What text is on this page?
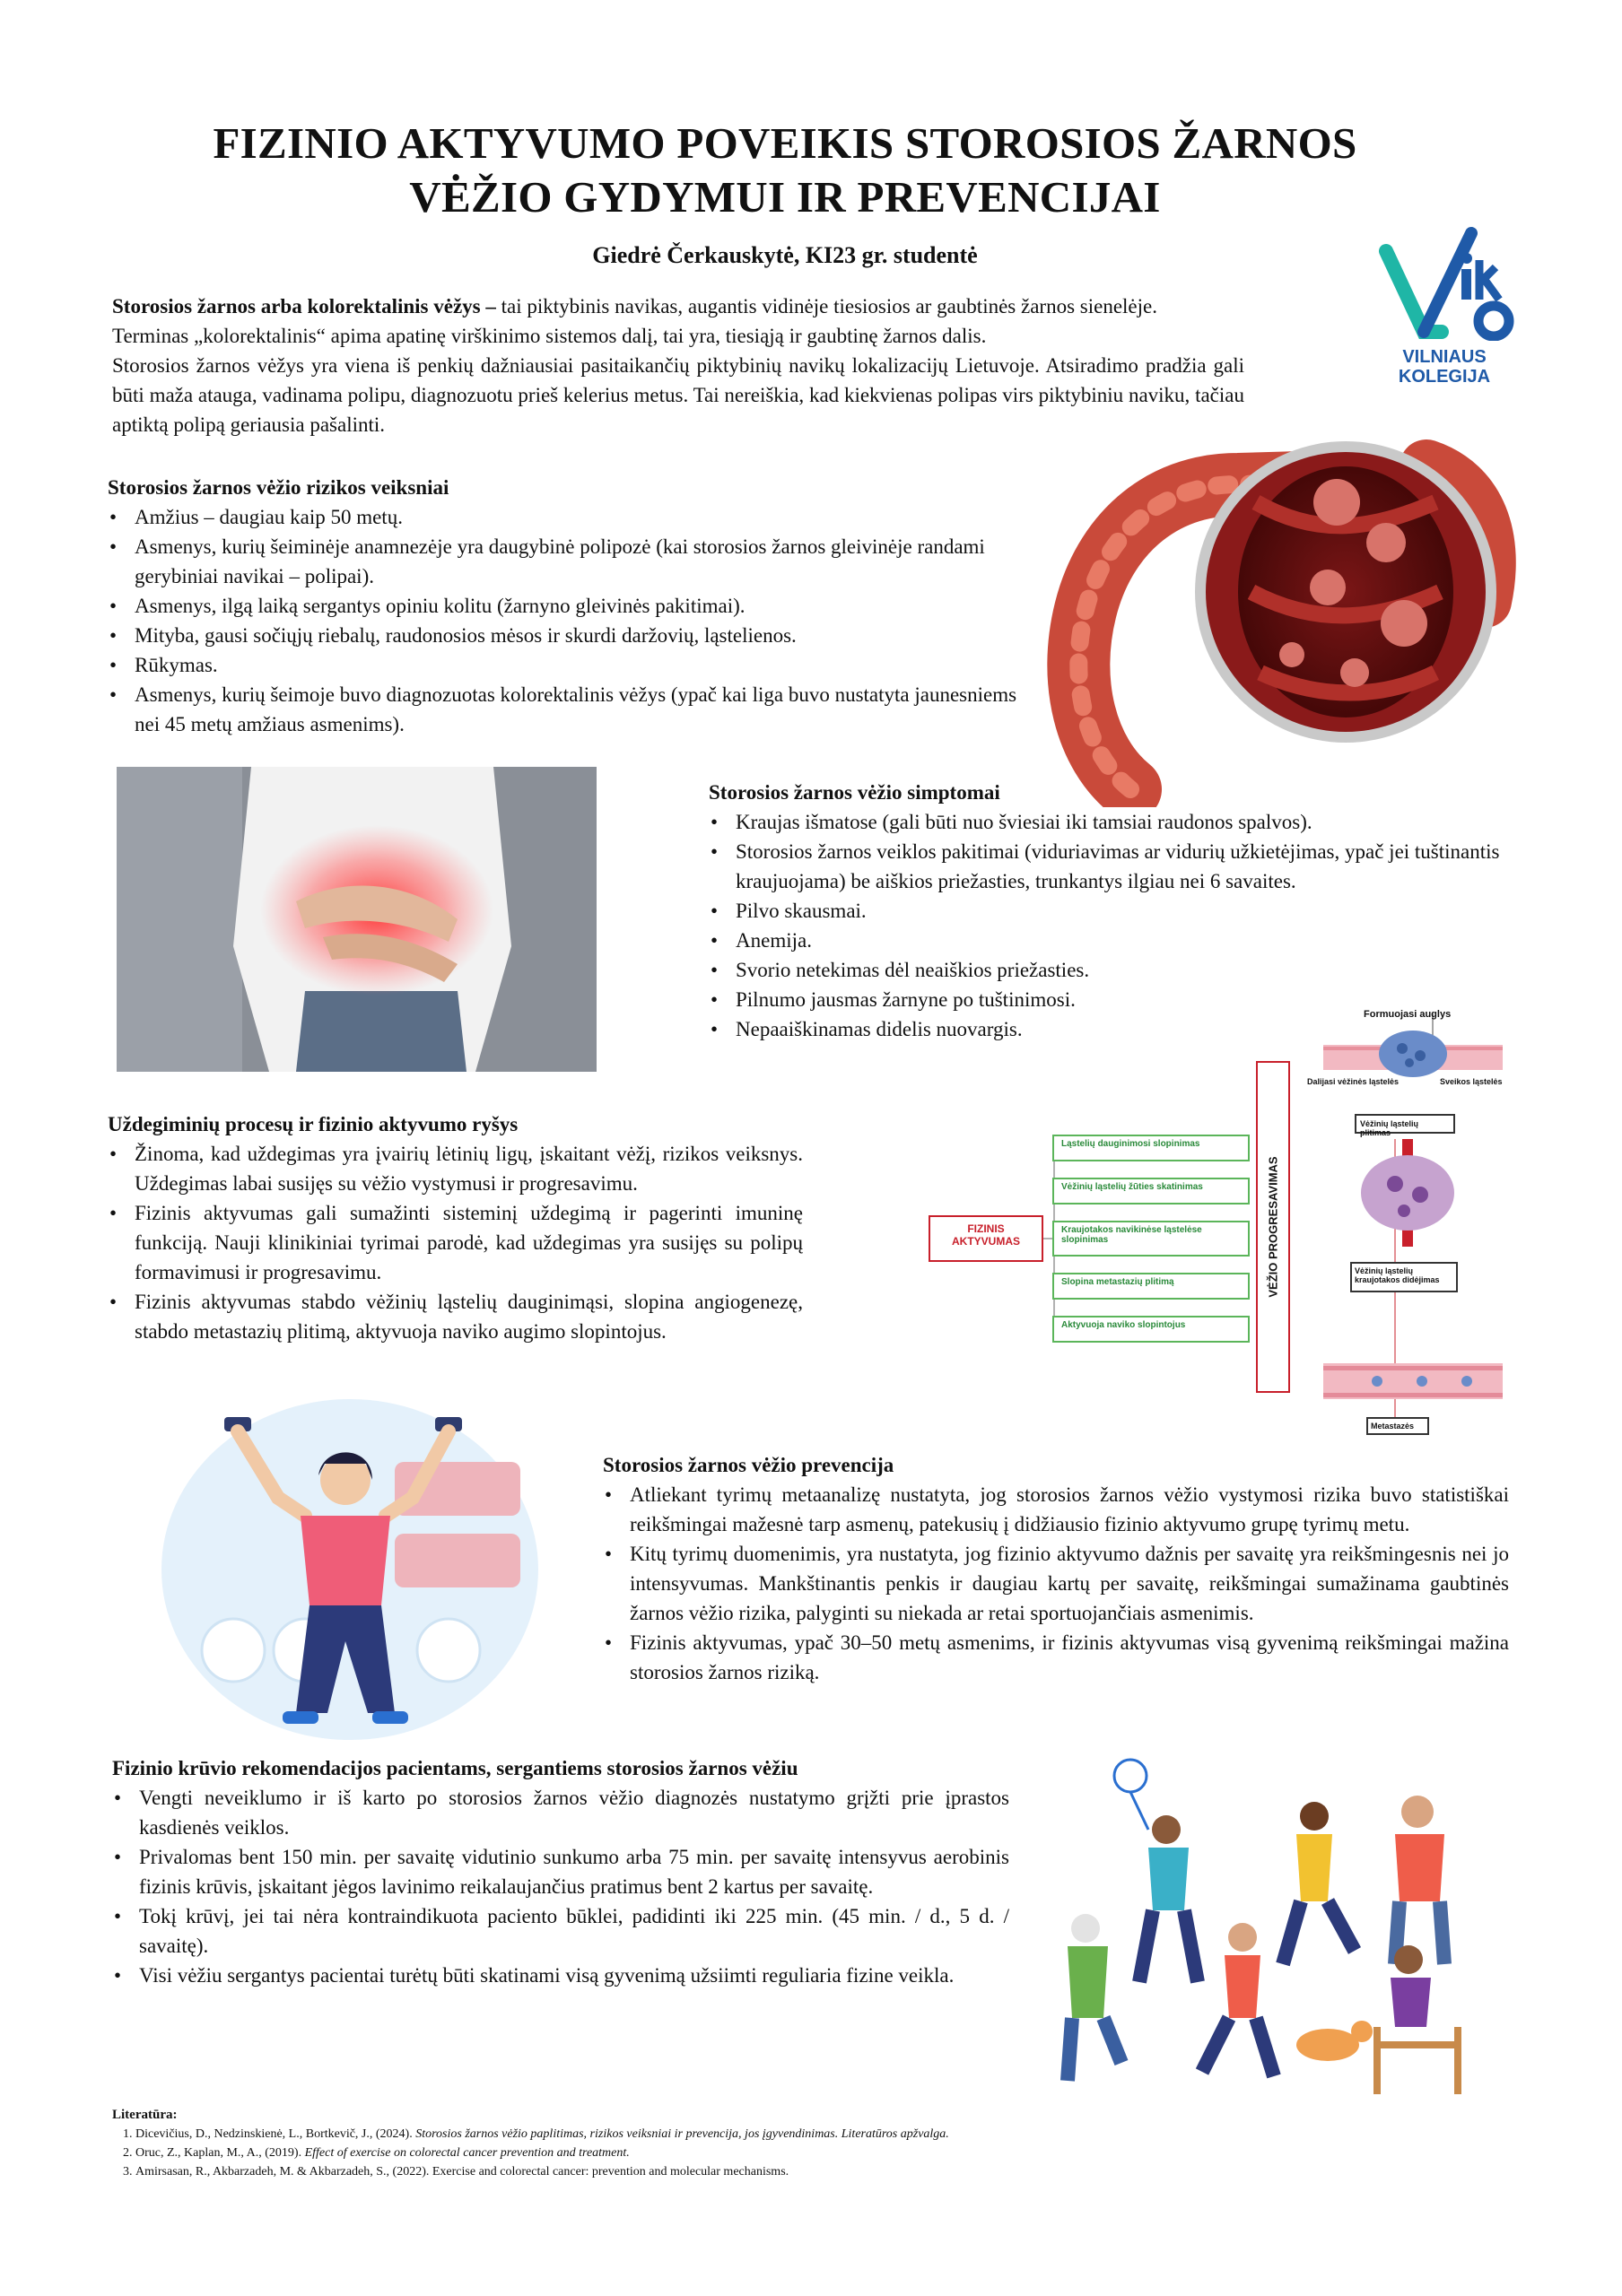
FIZINIO AKTYVUMO POVEIKIS STOROSIOS ŽARNOS
VĖŽIO GYDYMUI IR PREVENCIJAI
Giedrė Čerkauskytė, KI23 gr. studentė
VILNIAUS
KOLEGIJA
Storosios žarnos arba kolorektalinis vėžys – tai piktybinis navikas, augantis vidinėje tiesiosios ar gaubtinės žarnos sienelėje.
Terminas „kolorektalinis“ apima apatinę virškinimo sistemos dalį, tai yra, tiesiąją ir gaubtinę žarnos dalis.
Storosios žarnos vėžys yra viena iš penkių dažniausiai pasitaikančių piktybinių navikų lokalizacijų Lietuvoje. Atsiradimo pradžia gali būti maža atauga, vadinama polipu, diagnozuotu prieš kelerius metus. Tai nereiškia, kad kiekvienas polipas virs piktybiniu naviku, tačiau aptiktą polipą geriausia pašalinti.
Storosios žarnos vėžio rizikos veiksniai
• Amžius – daugiau kaip 50 metų.
• Asmenys, kurių šeiminėje anamnezėje yra daugybinė polipozė (kai storosios žarnos gleivinėje randami gerybiniai navikai – polipai).
• Asmenys, ilgą laiką sergantys opiniu kolitu (žarnyno gleivinės pakitimai).
• Mityba, gausi sočiųjų riebalų, raudonosios mėsos ir skurdi daržovių, ląstelienos.
• Rūkymas.
• Asmenys, kurių šeimoje buvo diagnozuotas kolorektalinis vėžys (ypač kai liga buvo nustatyta jaunesniems nei 45 metų amžiaus asmenims).
Storosios žarnos vėžio simptomai
• Kraujas išmatose (gali būti nuo šviesiai iki tamsiai raudonos spalvos).
• Storosios žarnos veiklos pakitimai (viduriavimas ar vidurių užkietėjimas, ypač jei tuštinantis kraujuojama) be aiškios priežasties, trunkantys ilgiau nei 6 savaites.
• Pilvo skausmai.
• Anemija.
• Svorio netekimas dėl neaiškios priežasties.
• Pilnumo jausmas žarnyne po tuštinimosi.
• Nepaaiškinamas didelis nuovargis.
Uždegiminių procesų ir fizinio aktyvumo ryšys
• Žinoma, kad uždegimas yra įvairių lėtinių ligų, įskaitant vėžį, rizikos veiksnys. Uždegimas labai susijęs su vėžio vystymusi ir progresavimu.
• Fizinis aktyvumas gali sumažinti sisteminį uždegimą ir pagerinti imuninę funkciją. Nauji klinikiniai tyrimai parodė, kad uždegimas yra susijęs su polipų formavimusi ir progresavimu.
• Fizinis aktyvumas stabdo vėžinių ląstelių dauginimąsi, slopina angiogenezę, stabdo metastazių plitimą, aktyvuoja naviko augimo slopintojus.
FIZINIS AKTYVUMAS
Ląstelių dauginimosi slopinimas
Vėžinių ląstelių žūties skatinimas
Kraujotakos navikinėse ląstelėse slopinimas
Slopina metastazių plitimą
Aktyvuoja naviko slopintojus
VĖŽIO PROGRESAVIMAS
Formuojasi auglys
Dalijasi vėžinės ląstelės	Sveikos ląstelės
Vėžinių ląstelių plitimas
Vėžinių ląstelių kraujotakos didėjimas
Metastazės
Storosios žarnos vėžio prevencija
• Atliekant tyrimų metaanalizę nustatyta, jog storosios žarnos vėžio vystymosi rizika buvo statistiškai reikšmingai mažesnė tarp asmenų, patekusių į didžiausio fizinio aktyvumo grupę tyrimų metu.
• Kitų tyrimų duomenimis, yra nustatyta, jog fizinio aktyvumo dažnis per savaitę yra reikšmingesnis nei jo intensyvumas. Mankštinantis penkis ir daugiau kartų per savaitę, reikšmingai sumažinama gaubtinės žarnos vėžio rizika, palyginti su niekada ar retai sportuojančiais asmenimis.
• Fizinis aktyvumas, ypač 30–50 metų asmenims, ir fizinis aktyvumas visą gyvenimą reikšmingai mažina storosios žarnos riziką.
Fizinio krūvio rekomendacijos pacientams, sergantiems storosios žarnos vėžiu
• Vengti neveiklumo ir iš karto po storosios žarnos vėžio diagnozės nustatymo grįžti prie įprastos kasdienės veiklos.
• Privalomas bent 150 min. per savaitę vidutinio sunkumo arba 75 min. per savaitę intensyvus aerobinis fizinis krūvis, įskaitant jėgos lavinimo reikalaujančius pratimus bent 2 kartus per savaitę.
• Tokį krūvį, jei tai nėra kontraindikuota paciento būklei, padidinti iki 225 min. (45 min. / d., 5 d. / savaitę).
• Visi vėžiu sergantys pacientai turėtų būti skatinami visą gyvenimą užsiimti reguliaria fizine veikla.
Literatūra:
1. Dicevičius, D., Nedzinskienė, L., Bortkevič, J., (2024). Storosios žarnos vėžio paplitimas, rizikos veiksniai ir prevencija, jos įgyvendinimas. Literatūros apžvalga.
2. Oruc, Z., Kaplan, M., A., (2019). Effect of exercise on colorectal cancer prevention and treatment.
3. Amirsasan, R., Akbarzadeh, M. & Akbarzadeh, S., (2022). Exercise and colorectal cancer: prevention and molecular mechanisms.
